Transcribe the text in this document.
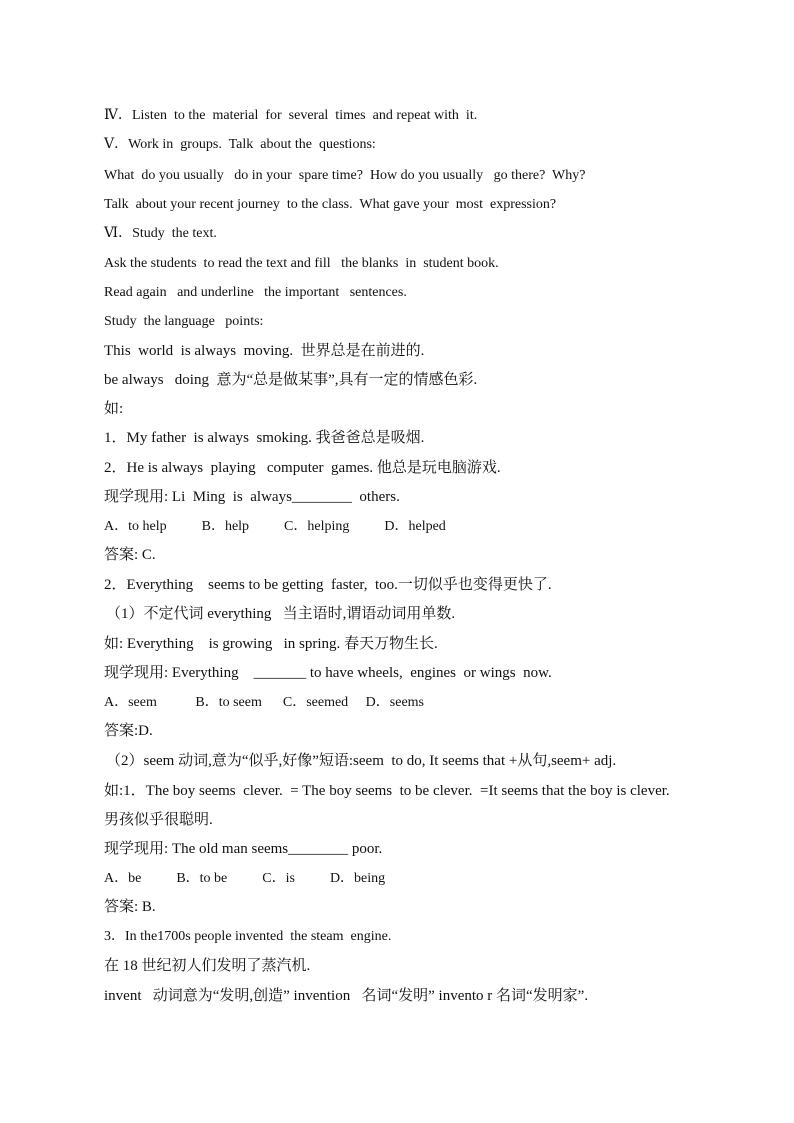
Ⅳ．Listen  to the  material  for  several  times  and repeat with  it.
Ⅴ．Work in  groups.  Talk  about the  questions:
What  do you usually   do in your  spare time?  How do you usually   go there?  Why?
Talk  about your recent journey  to the class.  What gave your  most  expression?
Ⅵ．Study  the text.
Ask the students  to read the text and fill   the blanks  in  student book.
Read again   and underline   the important   sentences.
Study  the language   points:
This  world  is always  moving.  世界总是在前进的.
be always   doing  意为“总是做某事”,具有一定的情感色彩.
如:
1．My father  is always  smoking. 我爸爸总是吸烟.
2．He is always  playing   computer  games. 他总是玩电脑游戏.
现学现用: Li  Ming  is  always________  others.
A．to help          B．help          C．helping          D．helped
答案: C.
2．Everything    seems to be getting  faster,  too.一切似乎也变得更快了.
（1）不定代词 everything   当主语时,谓语动词用单数.
如: Everything    is growing   in spring. 春天万物生长.
现学现用: Everything    _______ to have wheels,  engines  or wings  now.
A．seem           B．to seem      C．seemed     D．seems
答案:D.
（2）seem 动词,意为“似乎,好像”短语:seem  to do, It seems that +从句,seem+ adj.
如:1．The boy seems  clever.  = The boy seems  to be clever.  =It seems that the boy is clever.
男孩似乎很聪明.
现学现用: The old man seems________ poor.
A．be          B．to be          C．is          D．being
答案: B.
3．In the1700s people invented  the steam  engine.
在 18 世纪初人们发明了蒸汽机.
invent   动词意为“发明,创造” invention   名词“发明” invento r 名词“发明家”.
